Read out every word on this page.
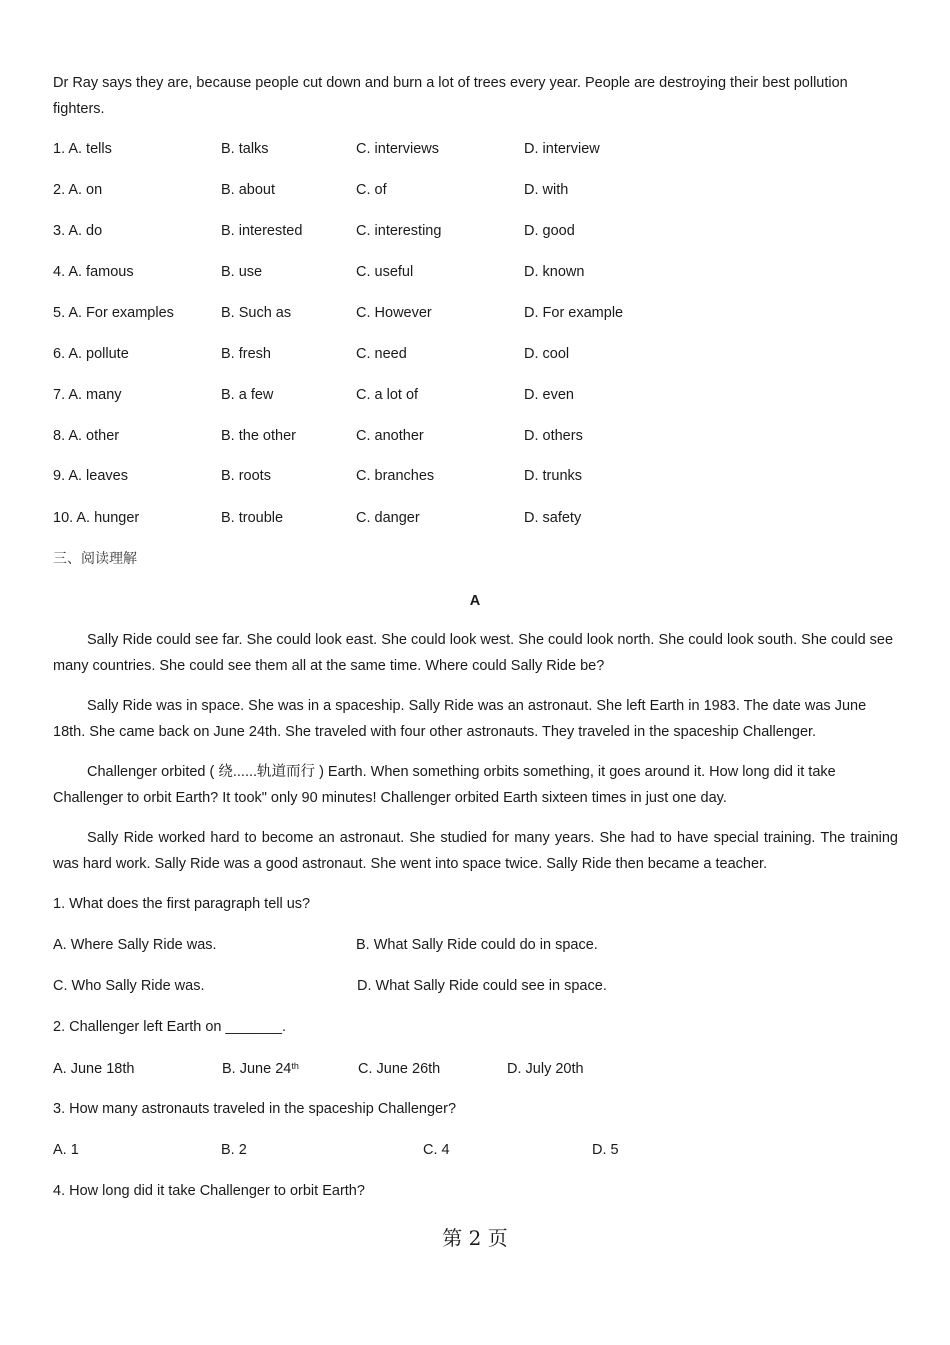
Dr Ray says they are, because people cut down and burn a lot of trees every year. People are destroying their best pollution fighters.
1. A. tells	B. talks	C. interviews	D. interview
2. A. on	B. about	C. of	D. with
3. A. do	B. interested	C. interesting	D. good
4. A. famous	B. use	C. useful	D. known
5. A. For examples	B. Such as	C. However	D. For example
6. A. pollute	B. fresh	C. need	D. cool
7. A. many	B. a few	C. a lot of	D. even
8. A. other	B. the other	C. another	D. others
9. A. leaves	B. roots	C. branches	D. trunks
10. A. hunger	B. trouble	C. danger	D. safety
三、阅读理解
A
Sally Ride could see far. She could look east. She could look west. She could look north. She could look south. She could see many countries. She could see them all at the same time. Where could Sally Ride be?
Sally Ride was in space. She was in a spaceship. Sally Ride was an astronaut. She left Earth in 1983. The date was June 18th. She came back on June 24th. She traveled with four other astronauts. They traveled in the spaceship Challenger.
Challenger orbited ( 绕......轨道而行 ) Earth. When something orbits something, it goes around it. How long did it take Challenger to orbit Earth? It took" only 90 minutes! Challenger orbited Earth sixteen times in just one day.
Sally Ride worked hard to become an astronaut. She studied for many years. She had to have special training. The training was hard work. Sally Ride was a good astronaut. She went into space twice. Sally Ride then became a teacher.
1. What does the first paragraph tell us?
A. Where Sally Ride was.	B. What Sally Ride could do in space.
C. Who Sally Ride was.	D. What Sally Ride could see in space.
2. Challenger left Earth on _______.
A. June 18th	B. June 24th	C. June 26th	D. July 20th
3. How many astronauts traveled in the spaceship Challenger?
A. 1	B. 2	C. 4	D. 5
4. How long did it take Challenger to orbit Earth?
第 2 页
